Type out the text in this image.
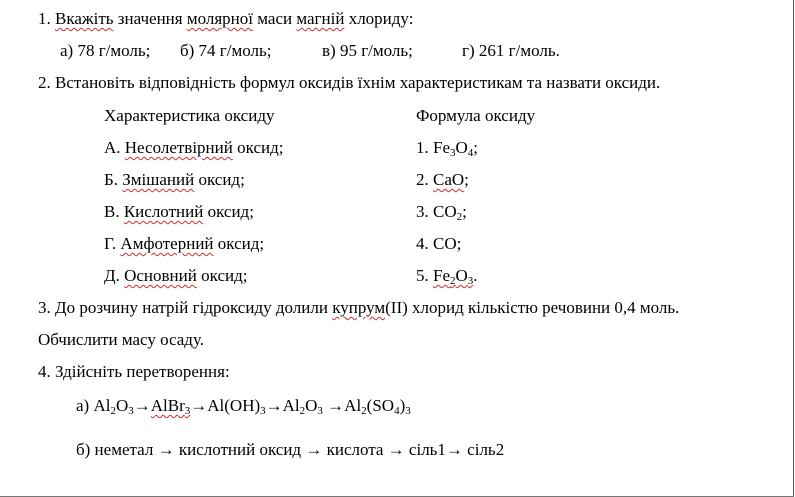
1. Вкажіть значення молярної маси магній хлориду:
а) 78 г/моль; б) 74 г/моль;	в) 95 г/моль;	г) 261 г/моль.
2. Встановіть відповідність формул оксидів їхнім характеристикам та назвати оксиди.
Характеристика оксиду	Формула оксиду
А. Несолетвірний оксид;	1. $Fe_3O_4$;
Б. Змішаний оксид;	2. CaO;
В. Кислотний оксид;	3. $CO_2$;
Г. Амфотерний оксид;	4. CO;
Д. Основний оксид;	5. $Fe_2O_3$.
3. До розчину натрій гідроксиду долили купрум(II) хлорид кількістю речовини 0,4 моль.
Обчислити масу осаду.
4. Здійсніть перетворення:
а) $Al_2O_3\to AlBr_3\to Al(OH)_3\to Al_2O_3 \to Al_2(SO_4)_3$
б) неметал → кислотний оксид → кислота → сіль1→ сіль2
